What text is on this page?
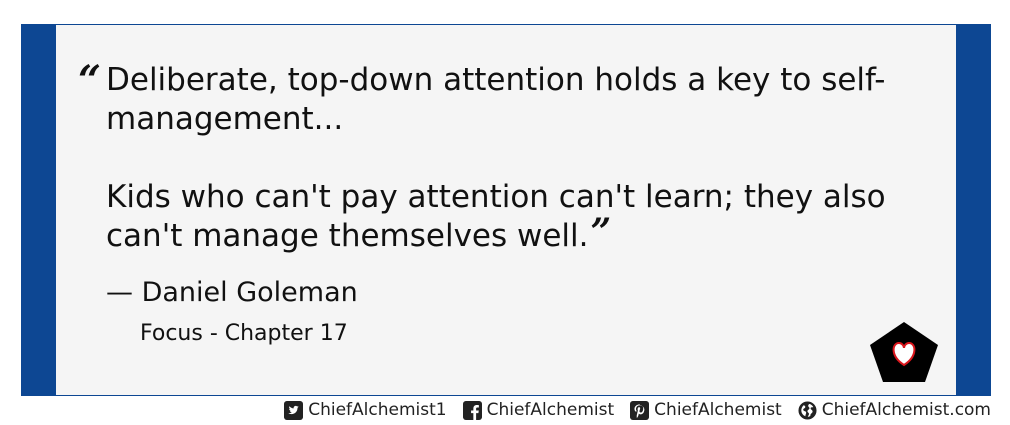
“ Deliberate, top-down attention holds a key to self-management...

Kids who can't pay attention can't learn; they also can't manage themselves well.”

— Daniel Goleman
Focus - Chapter 17
ChiefAlchemist1 ChiefAlchemist ChiefAlchemist ChiefAlchemist.com
